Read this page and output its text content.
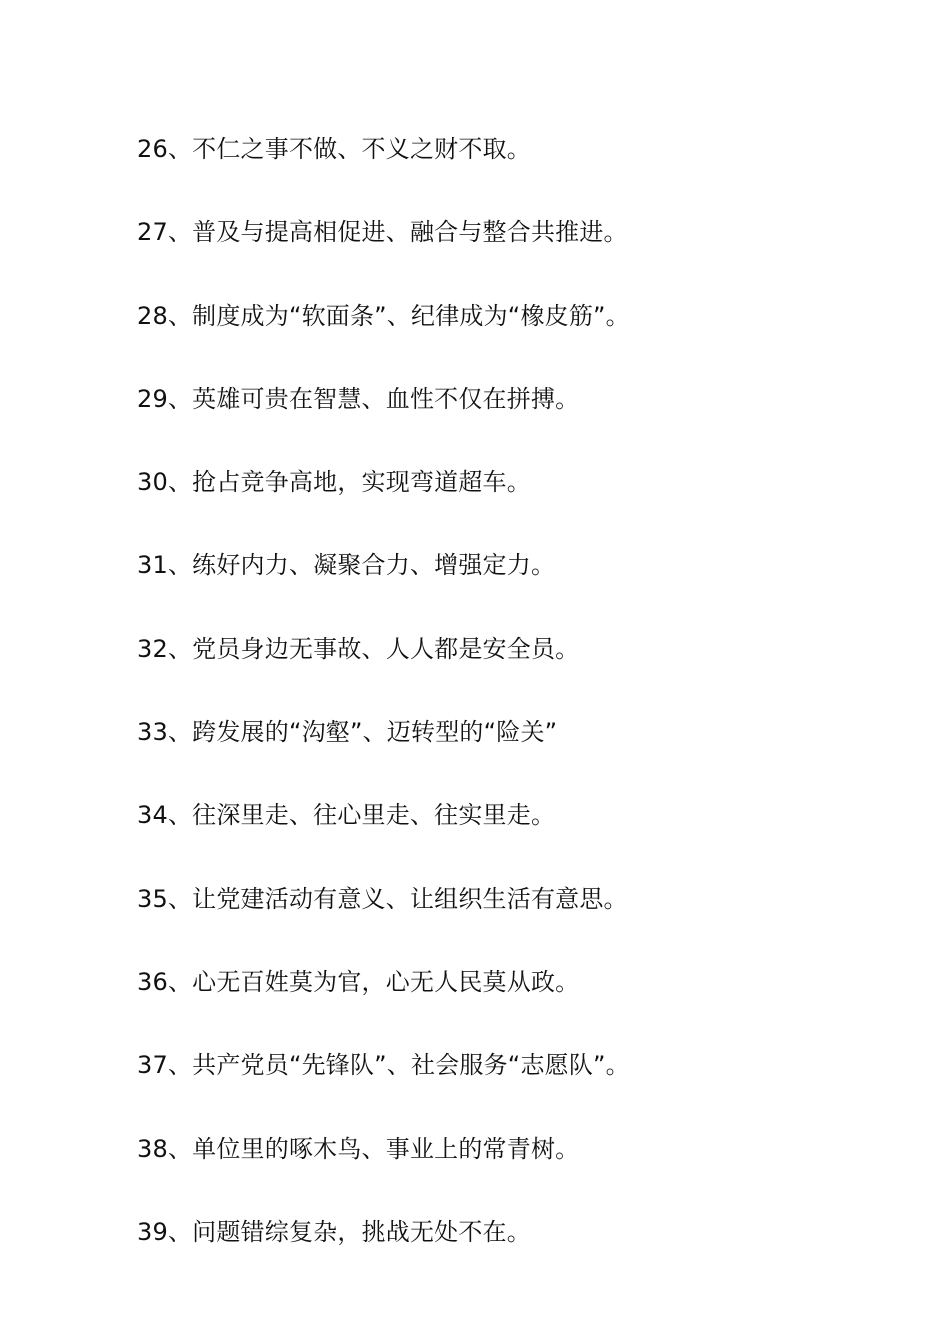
26、不仁之事不做、不义之财不取。
27、普及与提高相促进、融合与整合共推进。
28、制度成为“软面条”、纪律成为“橡皮筋”。
29、英雄可贵在智慧、血性不仅在拼搏。
30、抢占竞争高地，实现弯道超车。
31、练好内力、凝聚合力、增强定力。
32、党员身边无事故、人人都是安全员。
33、跨发展的“沟壑”、迈转型的“险关”
34、往深里走、往心里走、往实里走。
35、让党建活动有意义、让组织生活有意思。
36、心无百姓莫为官，心无人民莫从政。
37、共产党员“先锋队”、社会服务“志愿队”。
38、单位里的啄木鸟、事业上的常青树。
39、问题错综复杂，挑战无处不在。
